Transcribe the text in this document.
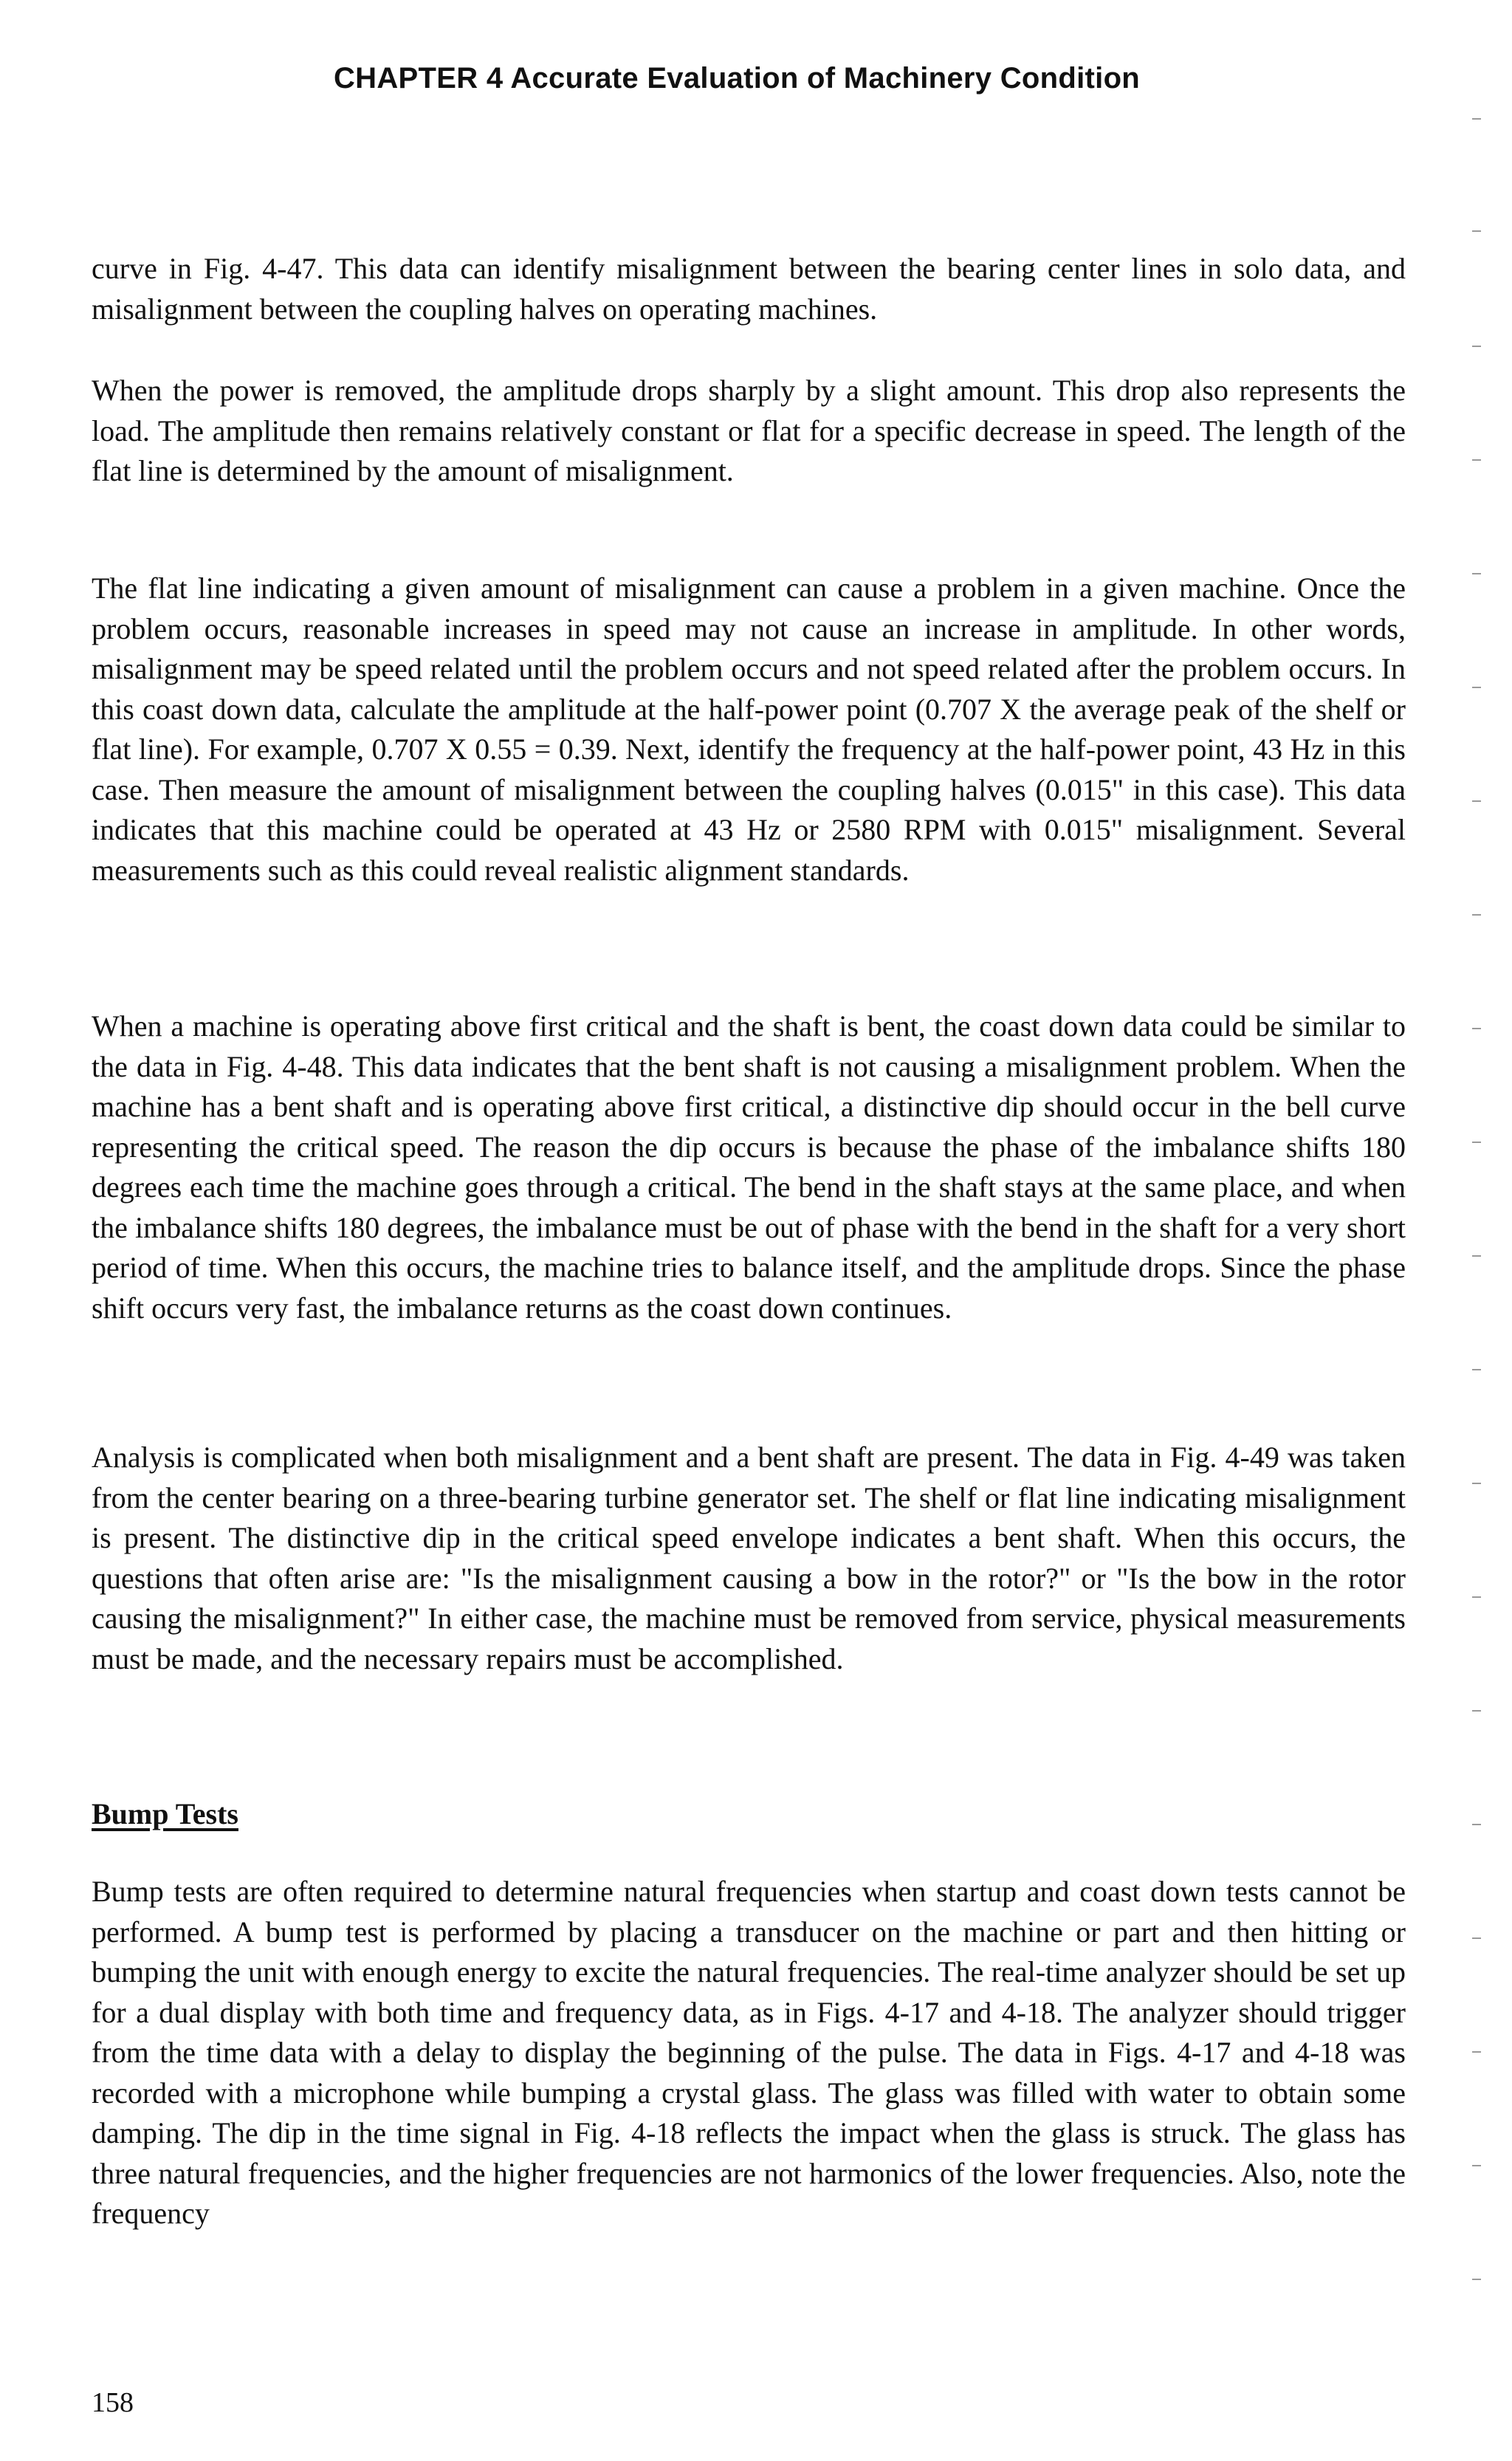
CHAPTER 4 Accurate Evaluation of Machinery Condition

curve in Fig. 4-47. This data can identify misalignment between the bearing center lines in solo data, and misalignment between the coupling halves on operating machines.

When the power is removed, the amplitude drops sharply by a slight amount. This drop also represents the load. The amplitude then remains relatively constant or flat for a specific decrease in speed. The length of the flat line is determined by the amount of misalignment.

The flat line indicating a given amount of misalignment can cause a problem in a given machine. Once the problem occurs, reasonable increases in speed may not cause an increase in amplitude. In other words, misalignment may be speed related until the problem occurs and not speed related after the problem occurs. In this coast down data, calculate the amplitude at the half-power point (0.707 X the average peak of the shelf or flat line). For example, 0.707 X 0.55 = 0.39. Next, identify the frequency at the half-power point, 43 Hz in this case. Then measure the amount of misalignment between the coupling halves (0.015" in this case). This data indicates that this machine could be operated at 43 Hz or 2580 RPM with 0.015" misalignment. Several measurements such as this could reveal realistic alignment standards.

When a machine is operating above first critical and the shaft is bent, the coast down data could be similar to the data in Fig. 4-48. This data indicates that the bent shaft is not causing a misalignment problem. When the machine has a bent shaft and is operating above first critical, a distinctive dip should occur in the bell curve representing the critical speed. The reason the dip occurs is because the phase of the imbalance shifts 180 degrees each time the machine goes through a critical. The bend in the shaft stays at the same place, and when the imbalance shifts 180 degrees, the imbalance must be out of phase with the bend in the shaft for a very short period of time. When this occurs, the machine tries to balance itself, and the amplitude drops. Since the phase shift occurs very fast, the imbalance returns as the coast down continues.

Analysis is complicated when both misalignment and a bent shaft are present. The data in Fig. 4-49 was taken from the center bearing on a three-bearing turbine generator set. The shelf or flat line indicating misalignment is present. The distinctive dip in the critical speed envelope indicates a bent shaft. When this occurs, the questions that often arise are: "Is the misalignment causing a bow in the rotor?" or "Is the bow in the rotor causing the misalignment?" In either case, the machine must be removed from service, physical measurements must be made, and the necessary repairs must be accomplished.

Bump Tests

Bump tests are often required to determine natural frequencies when startup and coast down tests cannot be performed. A bump test is performed by placing a transducer on the machine or part and then hitting or bumping the unit with enough energy to excite the natural frequencies. The real-time analyzer should be set up for a dual display with both time and frequency data, as in Figs. 4-17 and 4-18. The analyzer should trigger from the time data with a delay to display the beginning of the pulse. The data in Figs. 4-17 and 4-18 was recorded with a microphone while bumping a crystal glass. The glass was filled with water to obtain some damping. The dip in the time signal in Fig. 4-18 reflects the impact when the glass is struck. The glass has three natural frequencies, and the higher frequencies are not harmonics of the lower frequencies. Also, note the frequency

158
